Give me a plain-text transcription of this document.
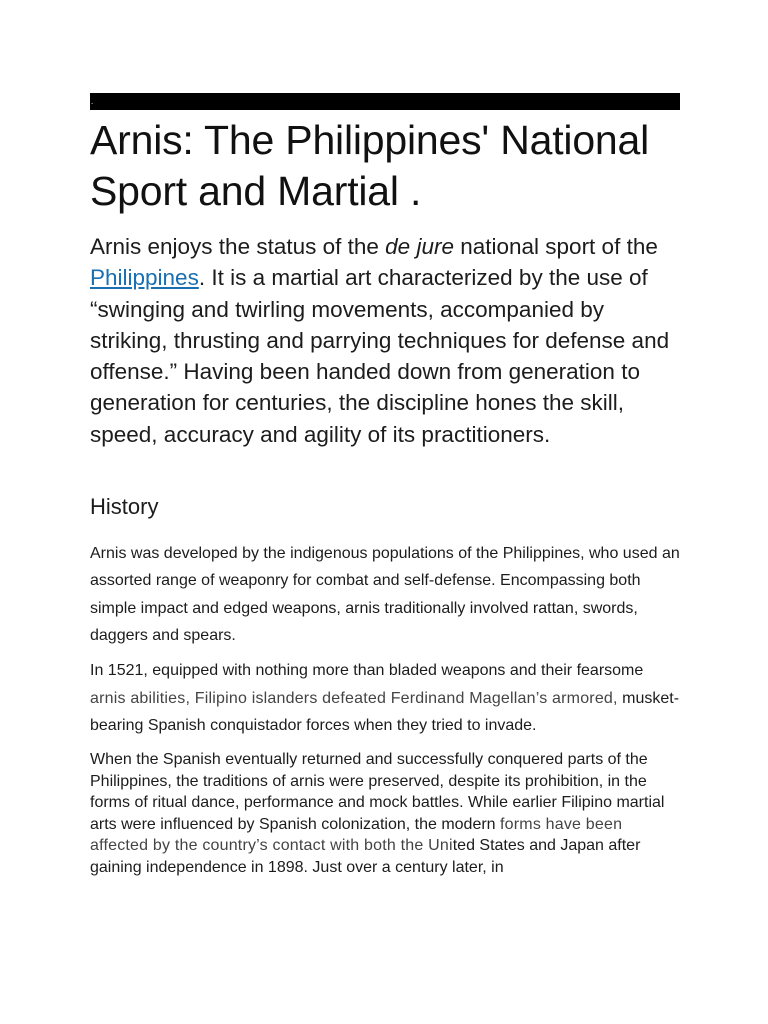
.
Arnis: The Philippines' National Sport and Martial .

Arnis enjoys the status of the de jure national sport of the Philippines. It is a martial art characterized by the use of “swinging and twirling movements, accompanied by striking, thrusting and parrying techniques for defense and offense.” Having been handed down from generation to generation for centuries, the discipline hones the skill, speed, accuracy and agility of its practitioners.

History

Arnis was developed by the indigenous populations of the Philippines, who used an assorted range of weaponry for combat and self-defense. Encompassing both simple impact and edged weapons, arnis traditionally involved rattan, swords, daggers and spears.

In 1521, equipped with nothing more than bladed weapons and their fearsome arnis abilities, Filipino islanders defeated Ferdinand Magellan’s armored, musket-bearing Spanish conquistador forces when they tried to invade.

When the Spanish eventually returned and successfully conquered parts of the Philippines, the traditions of arnis were preserved, despite its prohibition, in the forms of ritual dance, performance and mock battles. While earlier Filipino martial arts were influenced by Spanish colonization, the modern forms have been affected by the country’s contact with both the United States and Japan after gaining independence in 1898. Just over a century later, in
